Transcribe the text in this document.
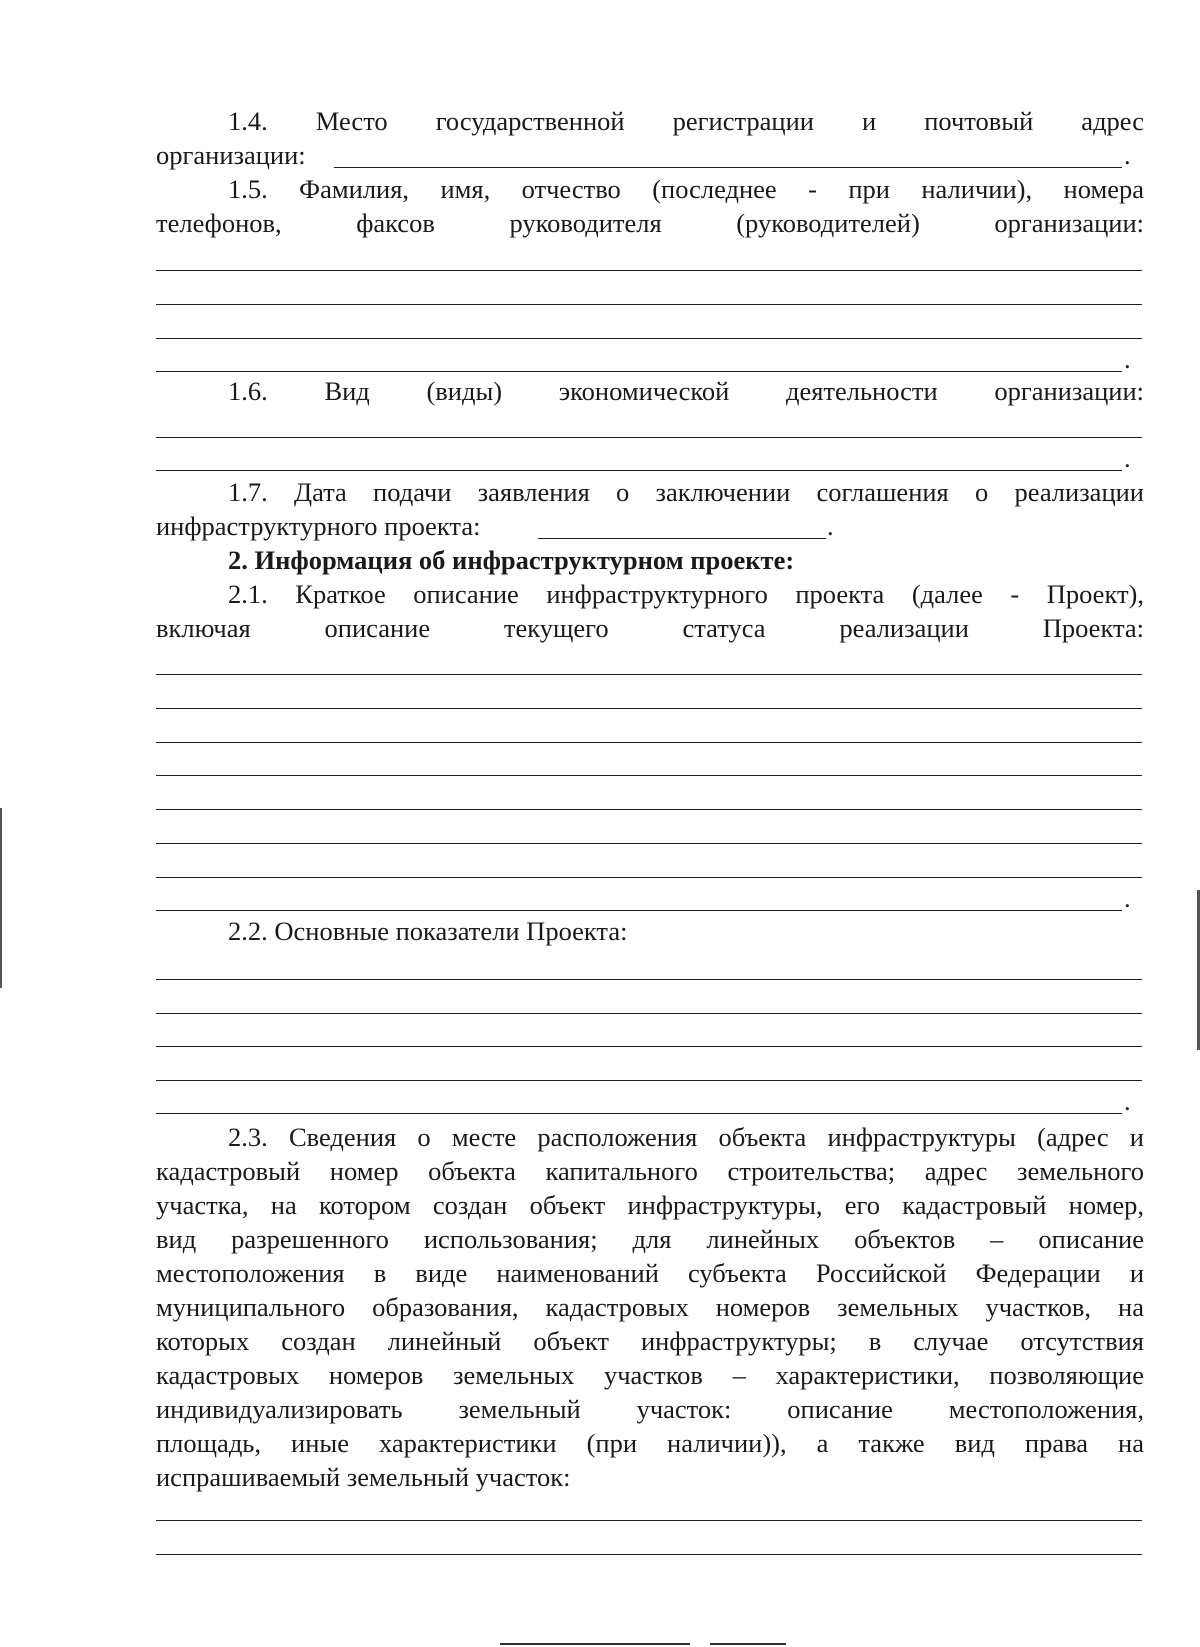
1.4. Место государственной регистрации и почтовый адрес
организации:	.
1.5. Фамилия, имя, отчество (последнее - при наличии), номера
телефонов, факсов руководителя (руководителей) организации:
.
1.6. Вид (виды) экономической деятельности организации:
.
1.7. Дата подачи заявления о заключении соглашения о реализации
инфраструктурного проекта:	.
2. Информация об инфраструктурном проекте:
2.1. Краткое описание инфраструктурного проекта (далее - Проект),
включая описание текущего статуса реализации Проекта:
.
2.2. Основные показатели Проекта:
.
2.3. Сведения о месте расположения объекта инфраструктуры (адрес и
кадастровый номер объекта капитального строительства; адрес земельного
участка, на котором создан объект инфраструктуры, его кадастровый номер,
вид разрешенного использования; для линейных объектов – описание
местоположения в виде наименований субъекта Российской Федерации и
муниципального образования, кадастровых номеров земельных участков, на
которых создан линейный объект инфраструктуры; в случае отсутствия
кадастровых номеров земельных участков – характеристики, позволяющие
индивидуализировать земельный участок: описание местоположения,
площадь, иные характеристики (при наличии)), а также вид права на
испрашиваемый земельный участок:
